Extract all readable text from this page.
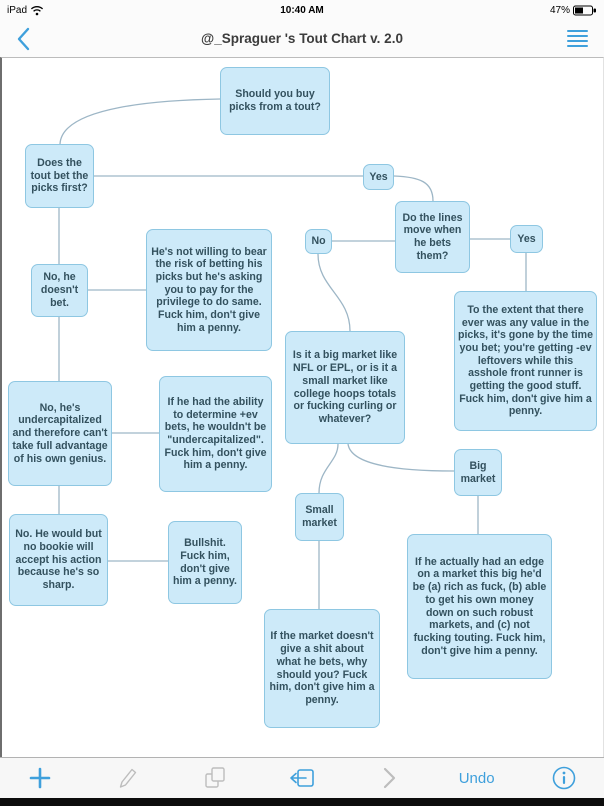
iPad	10:40 AM	47%
@_Spraguer 's Tout Chart v. 2.0
Should you buy picks from a tout?
Does the tout bet the picks first?
Yes
Do the lines move when he bets them?
Yes
No
He's not willing to bear the risk of betting his picks but he's asking you to pay for the privilege to do same. Fuck him, don't give him a penny.
No, he doesn't bet.
To the extent that there ever was any value in the picks, it's gone by the time you bet; you're getting -ev leftovers while this asshole front runner is getting the good stuff. Fuck him, don't give him a penny.
Is it a big market like NFL or EPL, or is it a small market like college hoops totals or fucking curling or whatever?
No, he's undercapitalized and therefore can't take full advantage of his own genius.
If he had the ability to determine +ev bets, he wouldn't be "undercapitalized". Fuck him, don't give him a penny.	Big market
Small market
No. He would but no bookie will accept his action because he's so sharp.
Bullshit. Fuck him, don't give him a penny.
If he actually had an edge on a market this big he'd be (a) rich as fuck, (b) able to get his own money down on such robust markets, and (c) not fucking touting. Fuck him, don't give him a penny.
If the market doesn't give a shit about what he bets, why should you? Fuck him, don't give him a penny.
Undo
